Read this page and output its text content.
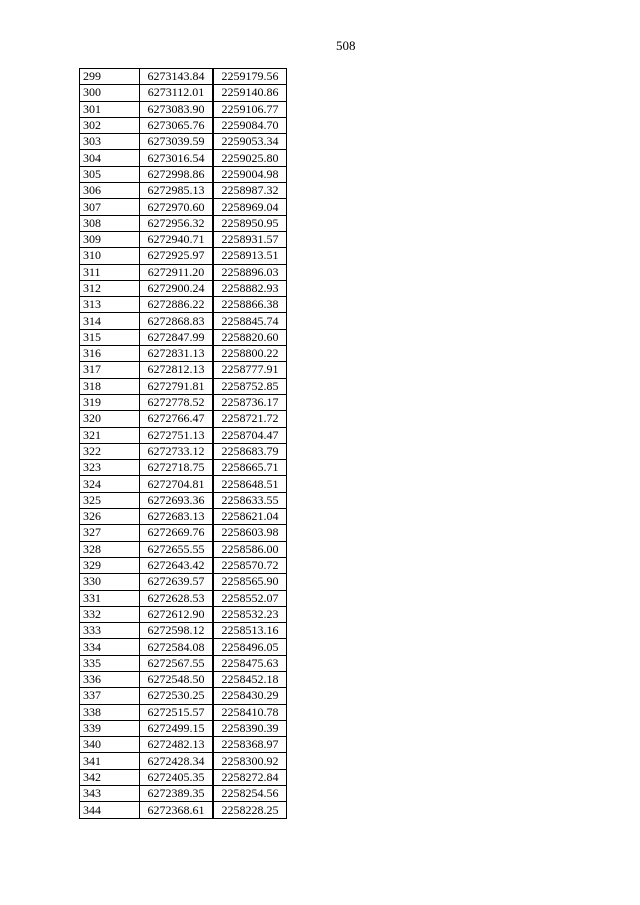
508
299	6273143.84	2259179.56
300	6273112.01	2259140.86
301	6273083.90	2259106.77
302	6273065.76	2259084.70
303	6273039.59	2259053.34
304	6273016.54	2259025.80
305	6272998.86	2259004.98
306	6272985.13	2258987.32
307	6272970.60	2258969.04
308	6272956.32	2258950.95
309	6272940.71	2258931.57
310	6272925.97	2258913.51
311	6272911.20	2258896.03
312	6272900.24	2258882.93
313	6272886.22	2258866.38
314	6272868.83	2258845.74
315	6272847.99	2258820.60
316	6272831.13	2258800.22
317	6272812.13	2258777.91
318	6272791.81	2258752.85
319	6272778.52	2258736.17
320	6272766.47	2258721.72
321	6272751.13	2258704.47
322	6272733.12	2258683.79
323	6272718.75	2258665.71
324	6272704.81	2258648.51
325	6272693.36	2258633.55
326	6272683.13	2258621.04
327	6272669.76	2258603.98
328	6272655.55	2258586.00
329	6272643.42	2258570.72
330	6272639.57	2258565.90
331	6272628.53	2258552.07
332	6272612.90	2258532.23
333	6272598.12	2258513.16
334	6272584.08	2258496.05
335	6272567.55	2258475.63
336	6272548.50	2258452.18
337	6272530.25	2258430.29
338	6272515.57	2258410.78
339	6272499.15	2258390.39
340	6272482.13	2258368.97
341	6272428.34	2258300.92
342	6272405.35	2258272.84
343	6272389.35	2258254.56
344	6272368.61	2258228.25
